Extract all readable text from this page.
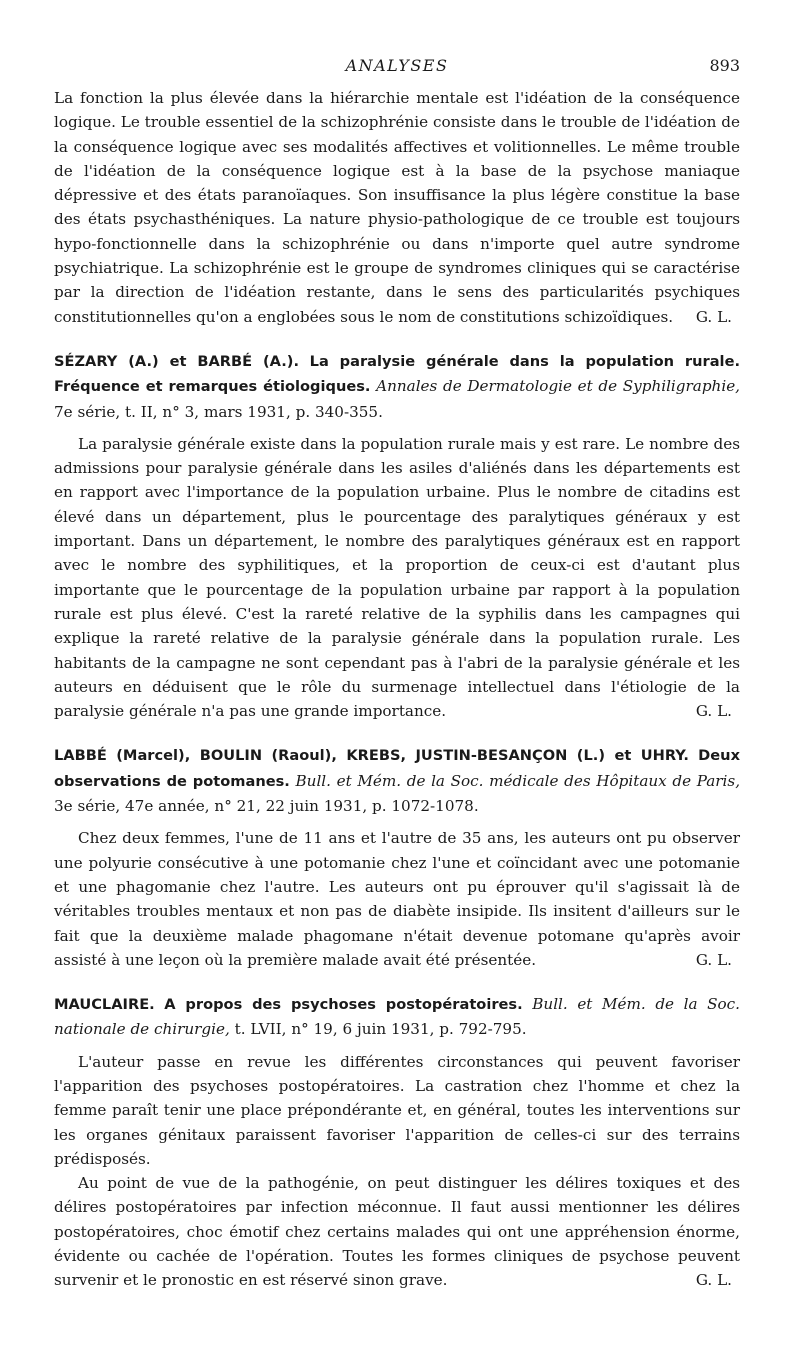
ANALYSES	893

La fonction la plus élevée dans la hiérarchie mentale est l'idéation de la conséquence logique. Le trouble essentiel de la schizophrénie consiste dans le trouble de l'idéation de la conséquence logique avec ses modalités affectives et volitionnelles. Le même trouble de l'idéation de la conséquence logique est à la base de la psychose maniaque dépressive et des états paranoïaques. Son insuffisance la plus légère constitue la base des états psychasthéniques. La nature physio-pathologique de ce trouble est toujours hypo-fonctionnelle dans la schizophrénie ou dans n'importe quel autre syndrome psychiatrique. La schizophrénie est le groupe de syndromes cliniques qui se caractérise par la direction de l'idéation restante, dans le sens des particularités psychiques constitutionnelles qu'on a englobées sous le nom de constitutions schizoïdiques. G. L.

SÉZARY (A.) et BARBÉ (A.). La paralysie générale dans la population rurale. Fréquence et remarques étiologiques. Annales de Dermatologie et de Syphiligraphie, 7e série, t. II, n° 3, mars 1931, p. 340-355.

La paralysie générale existe dans la population rurale mais y est rare. Le nombre des admissions pour paralysie générale dans les asiles d'aliénés dans les départements est en rapport avec l'importance de la population urbaine. Plus le nombre de citadins est élevé dans un département, plus le pourcentage des paralytiques généraux y est important. Dans un département, le nombre des paralytiques généraux est en rapport avec le nombre des syphilitiques, et la proportion de ceux-ci est d'autant plus importante que le pourcentage de la population urbaine par rapport à la population rurale est plus élevé. C'est la rareté relative de la syphilis dans les campagnes qui explique la rareté relative de la paralysie générale dans la population rurale. Les habitants de la campagne ne sont cependant pas à l'abri de la paralysie générale et les auteurs en déduisent que le rôle du surmenage intellectuel dans l'étiologie de la paralysie générale n'a pas une grande importance.	G. L.

LABBÉ (Marcel), BOULIN (Raoul), KREBS, JUSTIN-BESANÇON (L.) et UHRY. Deux observations de potomanes. Bull. et Mém. de la Soc. médicale des Hôpitaux de Paris, 3e série, 47e année, n° 21, 22 juin 1931, p. 1072-1078.

Chez deux femmes, l'une de 11 ans et l'autre de 35 ans, les auteurs ont pu observer une polyurie consécutive à une potomanie chez l'une et coïncidant avec une potomanie et une phagomanie chez l'autre. Les auteurs ont pu éprouver qu'il s'agissait là de véritables troubles mentaux et non pas de diabète insipide. Ils insitent d'ailleurs sur le fait que la deuxième malade phagomane n'était devenue potomane qu'après avoir assisté à une leçon où la première malade avait été présentée.	G. L.

MAUCLAIRE. A propos des psychoses postopératoires. Bull. et Mém. de la Soc. nationale de chirurgie, t. LVII, n° 19, 6 juin 1931, p. 792-795.

L'auteur passe en revue les différentes circonstances qui peuvent favoriser l'apparition des psychoses postopératoires. La castration chez l'homme et chez la femme paraît tenir une place prépondérante et, en général, toutes les interventions sur les organes génitaux paraissent favoriser l'apparition de celles-ci sur des terrains prédisposés.

Au point de vue de la pathogénie, on peut distinguer les délires toxiques et des délires postopératoires par infection méconnue. Il faut aussi mentionner les délires postopératoires, choc émotif chez certains malades qui ont une appréhension énorme, évidente ou cachée de l'opération. Toutes les formes cliniques de psychose peuvent survenir et le pronostic en est réservé sinon grave.	G. L.
